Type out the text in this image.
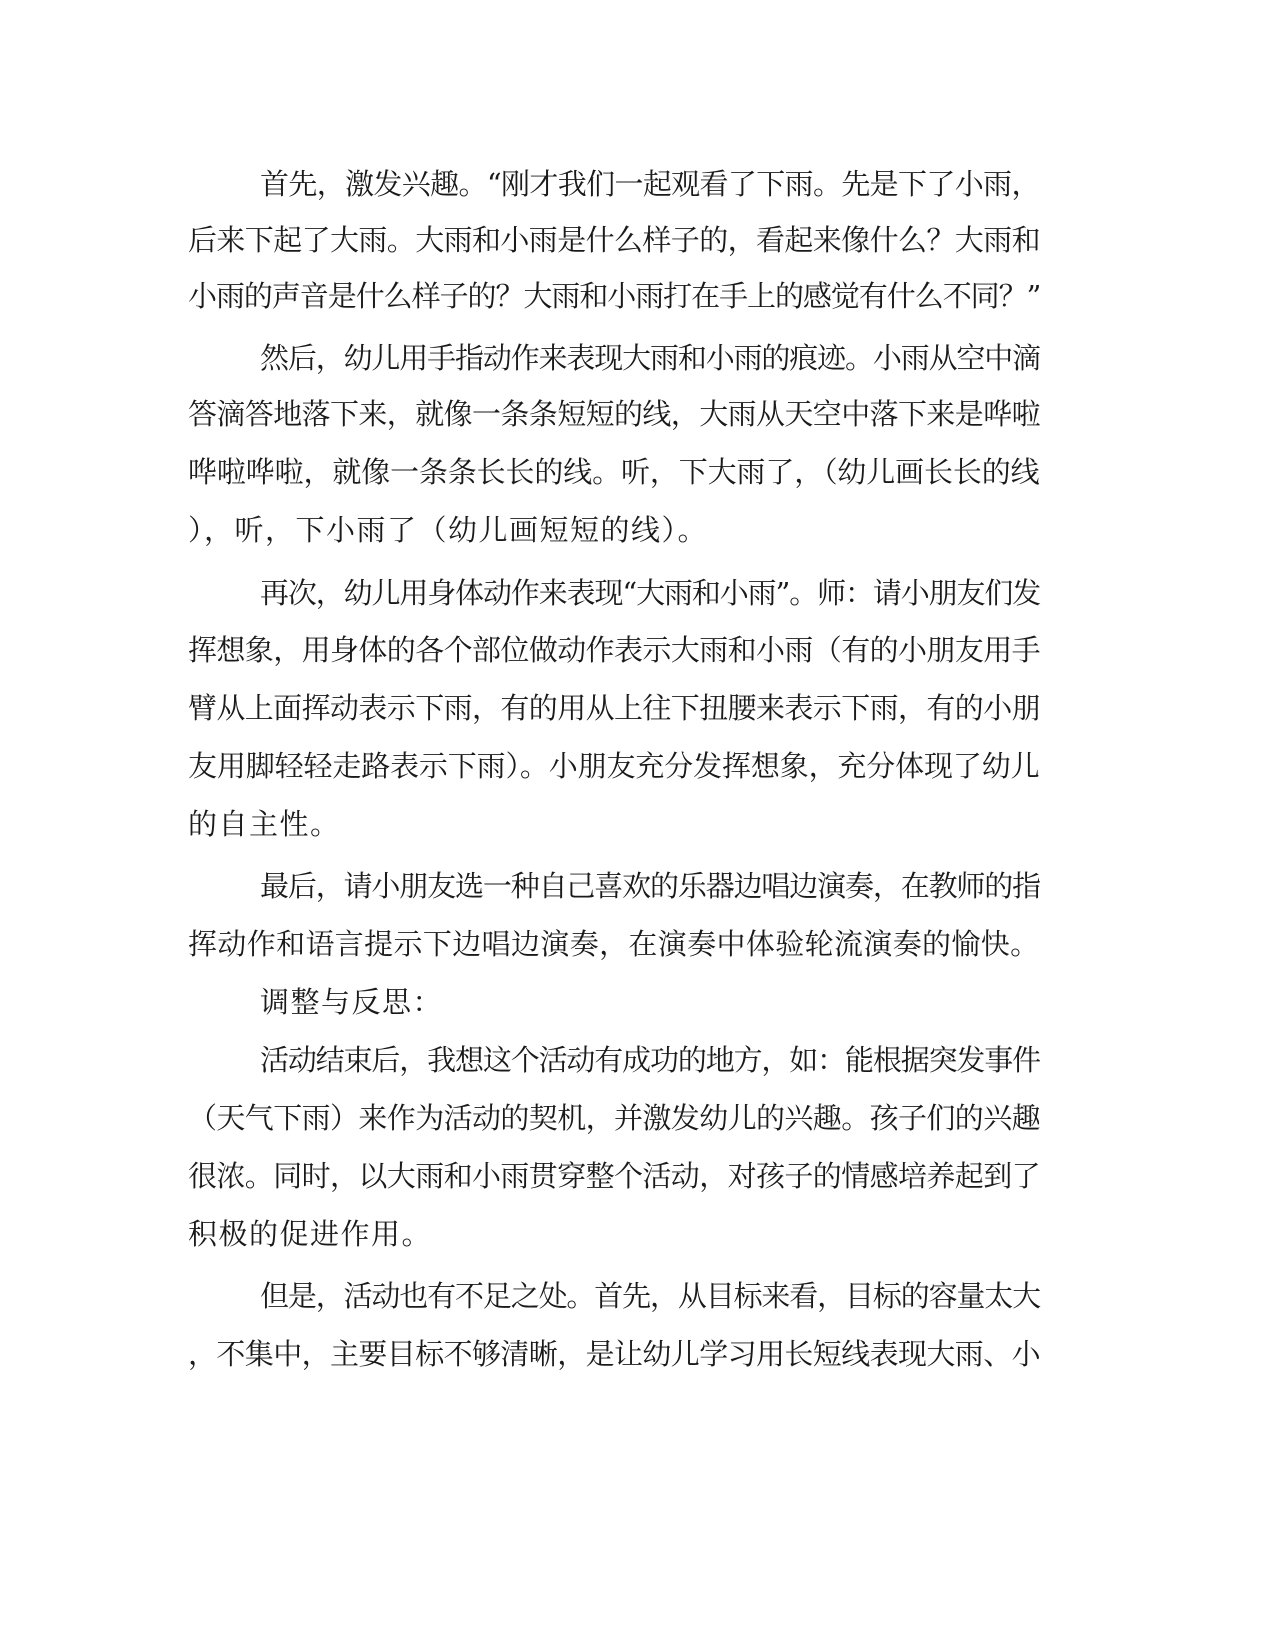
首先，激发兴趣。“刚才我们一起观看了下雨。先是下了小雨，
后来下起了大雨。大雨和小雨是什么样子的，看起来像什么？大雨和
小雨的声音是什么样子的？大雨和小雨打在手上的感觉有什么不同？”
然后，幼儿用手指动作来表现大雨和小雨的痕迹。小雨从空中滴
答滴答地落下来，就像一条条短短的线，大雨从天空中落下来是哗啦
哗啦哗啦，就像一条条长长的线。听，下大雨了，（幼儿画长长的线
），听，下小雨了（幼儿画短短的线）。
再次，幼儿用身体动作来表现“大雨和小雨”。师：请小朋友们发
挥想象，用身体的各个部位做动作表示大雨和小雨（有的小朋友用手
臂从上面挥动表示下雨，有的用从上往下扭腰来表示下雨，有的小朋
友用脚轻轻走路表示下雨）。小朋友充分发挥想象，充分体现了幼儿
的自主性。
最后，请小朋友选一种自己喜欢的乐器边唱边演奏，在教师的指
挥动作和语言提示下边唱边演奏，在演奏中体验轮流演奏的愉快。
调整与反思：
活动结束后，我想这个活动有成功的地方，如：能根据突发事件
（天气下雨）来作为活动的契机，并激发幼儿的兴趣。孩子们的兴趣
很浓。同时，以大雨和小雨贯穿整个活动，对孩子的情感培养起到了
积极的促进作用。
但是，活动也有不足之处。首先，从目标来看，目标的容量太大
，不集中，主要目标不够清晰，是让幼儿学习用长短线表现大雨、小
